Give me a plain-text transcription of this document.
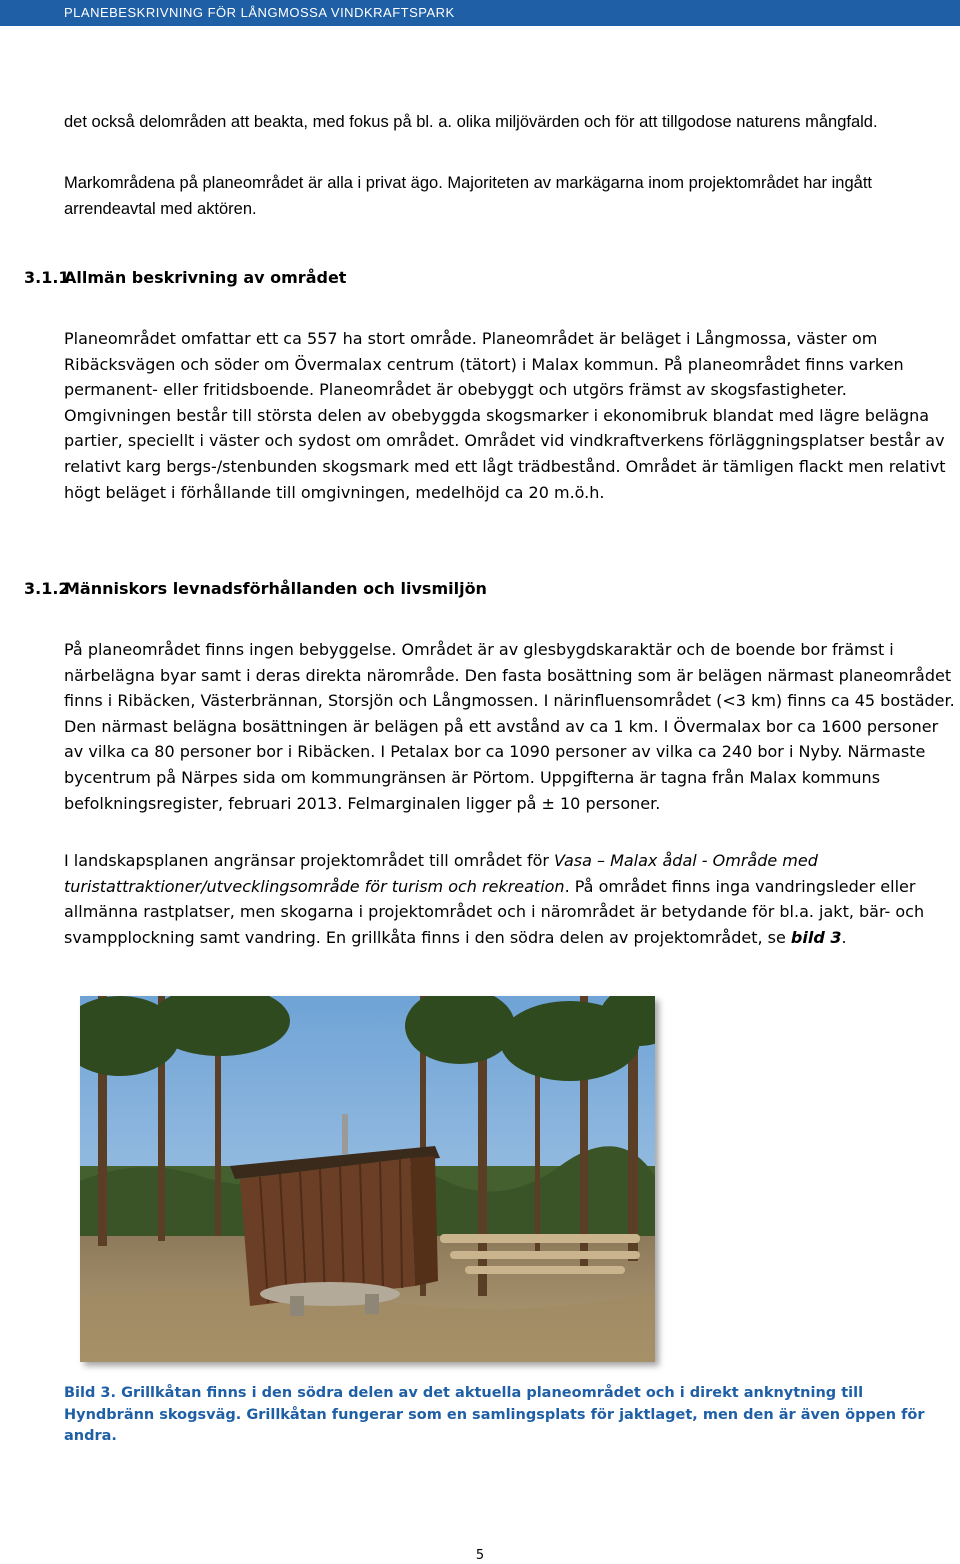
PLANEBESKRIVNING FÖR LÅNGMOSSA VINDKRAFTSPARK

det också delområden att beakta, med fokus på bl. a. olika miljövärden och för att tillgodose naturens mångfald.

Markområdena på planeområdet är alla i privat ägo. Majoriteten av markägarna inom projektområdet har ingått arrendeavtal med aktören.

3.1.1Allmän beskrivning av området

Planeområdet omfattar ett ca 557 ha stort område. Planeområdet är beläget i Långmossa, väster om Ribäcksvägen och söder om Övermalax centrum (tätort) i Malax kommun. På planeområdet finns varken permanent- eller fritidsboende. Planeområdet är obebyggt och utgörs främst av skogsfastigheter. Omgivningen består till största delen av obebyggda skogsmarker i ekonomibruk blandat med lägre belägna partier, speciellt i väster och sydost om området. Området vid vindkraftverkens förläggningsplatser består av relativt karg bergs-/stenbunden skogsmark med ett lågt trädbestånd. Området är tämligen flackt men relativt högt beläget i förhållande till omgivningen, medelhöjd ca 20 m.ö.h.

3.1.2Människors levnadsförhållanden och livsmiljön

På planeområdet finns ingen bebyggelse. Området är av glesbygdskaraktär och de boende bor främst i närbelägna byar samt i deras direkta närområde. Den fasta bosättning som är belägen närmast planeområdet finns i Ribäcken, Västerbrännan, Storsjön och Långmossen. I närinfluensområdet (<3 km) finns ca 45 bostäder. Den närmast belägna bosättningen är belägen på ett avstånd av ca 1 km. I Övermalax bor ca 1600 personer av vilka ca 80 personer bor i Ribäcken. I Petalax bor ca 1090 personer av vilka ca 240 bor i Nyby. Närmaste bycentrum på Närpes sida om kommungränsen är Pörtom. Uppgifterna är tagna från Malax kommuns befolkningsregister, februari 2013. Felmarginalen ligger på ± 10 personer.

I landskapsplanen angränsar projektområdet till området för Vasa – Malax ådal - Område med turistattraktioner/utvecklingsområde för turism och rekreation. På området finns inga vandringsleder eller allmänna rastplatser, men skogarna i projektområdet och i närområdet är betydande för bl.a. jakt, bär- och svampplockning samt vandring. En grillkåta finns i den södra delen av projektområdet, se bild 3.

Bild 3. Grillkåtan finns i den södra delen av det aktuella planeområdet och i direkt anknytning till Hyndbränn skogsväg. Grillkåtan fungerar som en samlingsplats för jaktlaget, men den är även öppen för andra.

5
